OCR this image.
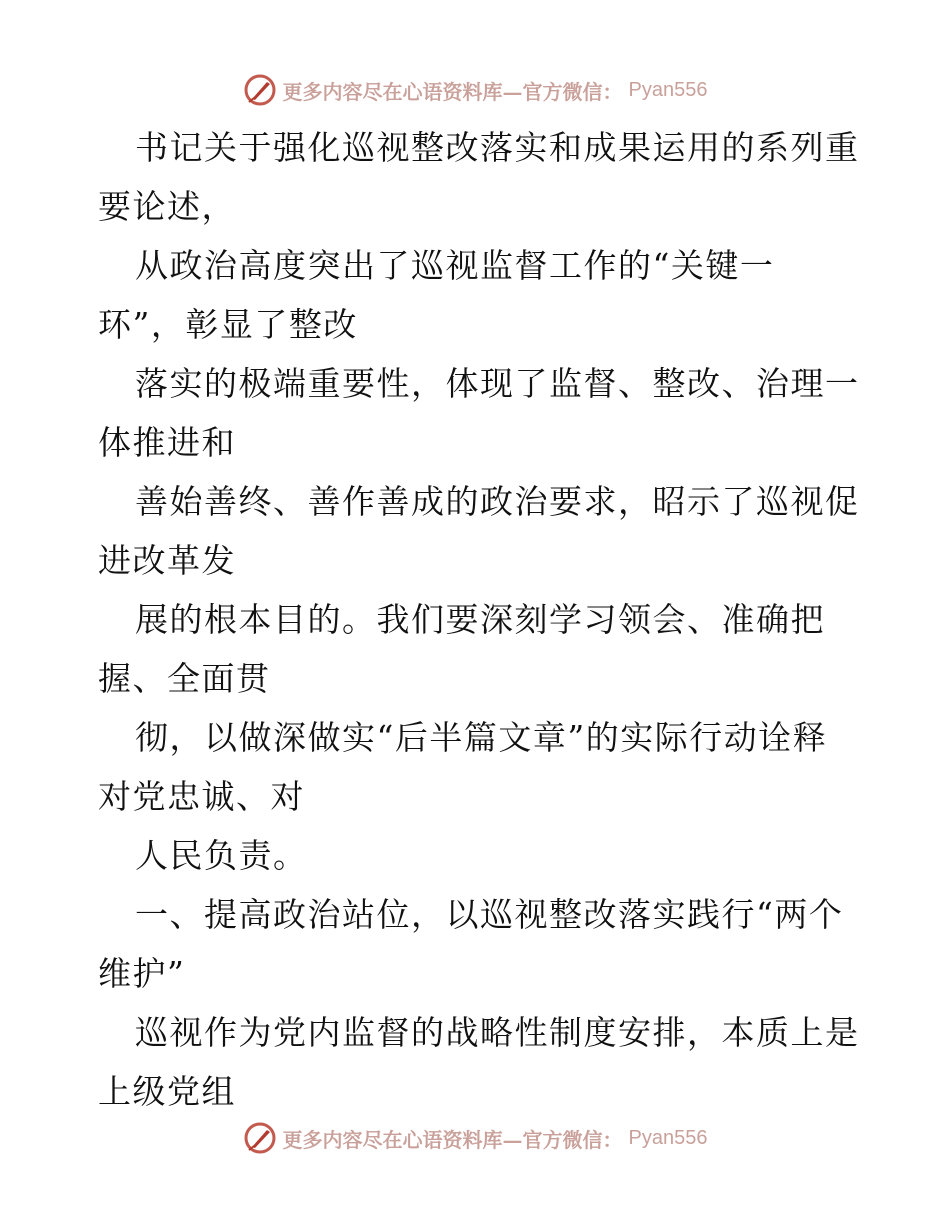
更多内容尽在心语资料库—官方微信： Pyan556
书记关于强化巡视整改落实和成果运用的系列重
要论述，
从政治高度突出了巡视监督工作的“关键一
环”，彰显了整改
落实的极端重要性，体现了监督、整改、治理一
体推进和
善始善终、善作善成的政治要求，昭示了巡视促
进改革发
展的根本目的。我们要深刻学习领会、准确把
握、全面贯
彻，以做深做实“后半篇文章”的实际行动诠释
对党忠诚、对
人民负责。
一、提高政治站位，以巡视整改落实践行“两个
维护”
巡视作为党内监督的战略性制度安排，本质上是
上级党组
更多内容尽在心语资料库—官方微信： Pyan556
